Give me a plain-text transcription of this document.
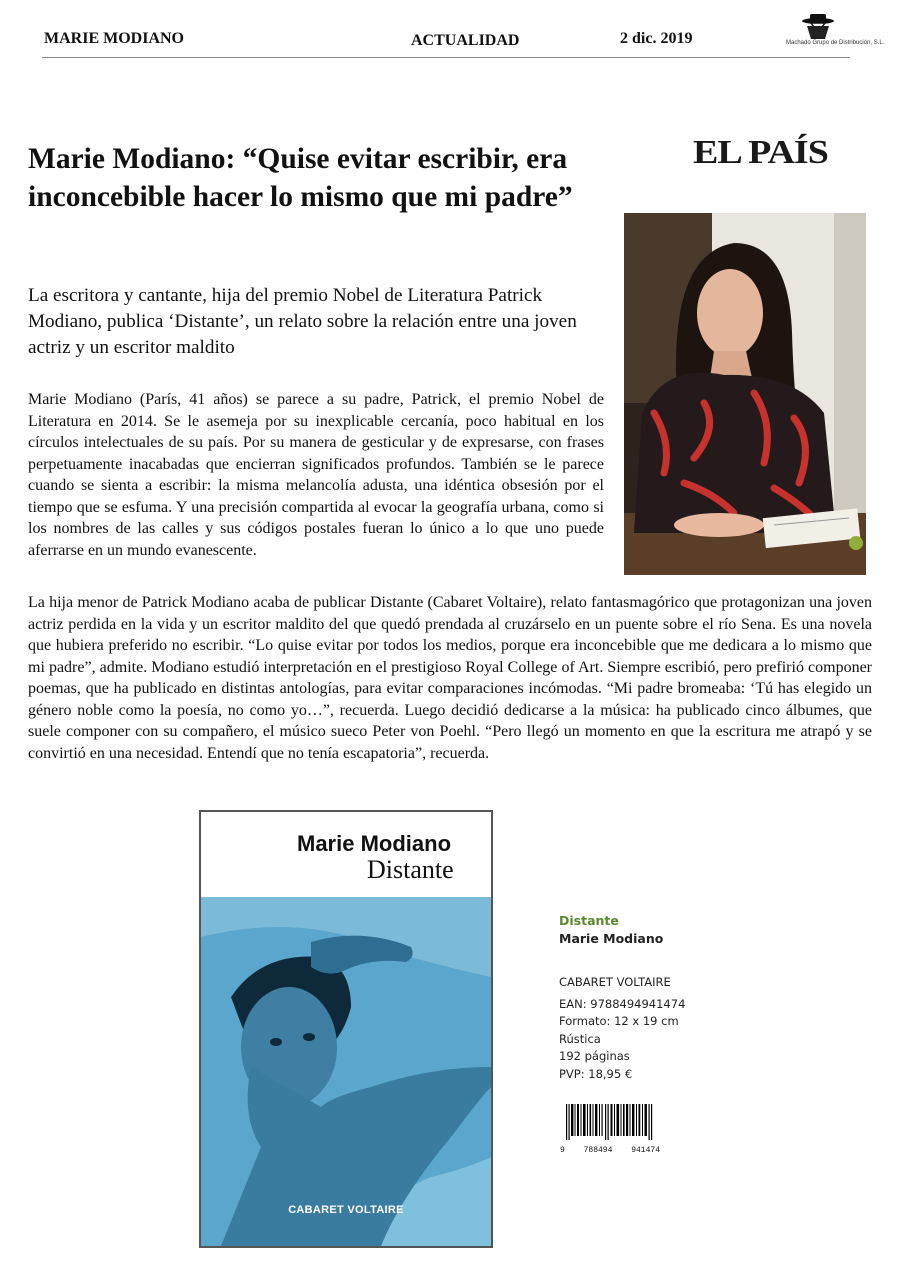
MARIE MODIANO	ACTUALIDAD	2 dic. 2019	Machado Grupo de Distribución, S.L.
EL PAÍS
Marie Modiano: “Quise evitar escribir, era inconcebible hacer lo mismo que mi padre”

La escritora y cantante, hija del premio Nobel de Literatura Patrick Modiano, publica ‘Distante’, un relato sobre la relación entre una joven actriz y un escritor maldito

Marie Modiano (París, 41 años) se parece a su padre, Patrick, el premio Nobel de Literatura en 2014. Se le asemeja por su inexplicable cercanía, poco habitual en los círculos intelectuales de su país. Por su manera de gesticular y de expresarse, con frases perpetuamente inacabadas que encierran significados profundos. También se le parece cuando se sienta a escribir: la misma melancolía adusta, una idéntica obsesión por el tiempo que se esfuma. Y una precisión compartida al evocar la geografía urbana, como si los nombres de las calles y sus códigos postales fueran lo único a lo que uno puede aferrarse en un mundo evanescente.

La hija menor de Patrick Modiano acaba de publicar Distante (Cabaret Voltaire), relato fantasmagórico que protagonizan una joven actriz perdida en la vida y un escritor maldito del que quedó prendada al cruzárselo en un puente sobre el río Sena. Es una novela que hubiera preferido no escribir. “Lo quise evitar por todos los medios, porque era inconcebible que me dedicara a lo mismo que mi padre”, admite. Modiano estudió interpretación en el prestigioso Royal College of Art. Siempre escribió, pero prefirió componer poemas, que ha publicado en distintas antologías, para evitar comparaciones incómodas. “Mi padre bromeaba: ‘Tú has elegido un género noble como la poesía, no como yo…”, recuerda. Luego decidió dedicarse a la música: ha publicado cinco álbumes, que suele componer con su compañero, el músico sueco Peter von Poehl. “Pero llegó un momento en que la escritura me atrapó y se convirtió en una necesidad. Entendí que no tenía escapatoria”, recuerda.

Marie Modiano
Distante
CABARET VOLTAIRE
Distante
Marie Modiano
CABARET VOLTAIRE
EAN: 9788494941474
Formato: 12 x 19 cm
Rústica
192 páginas
PVP: 18,95 €
9 788494 941474
